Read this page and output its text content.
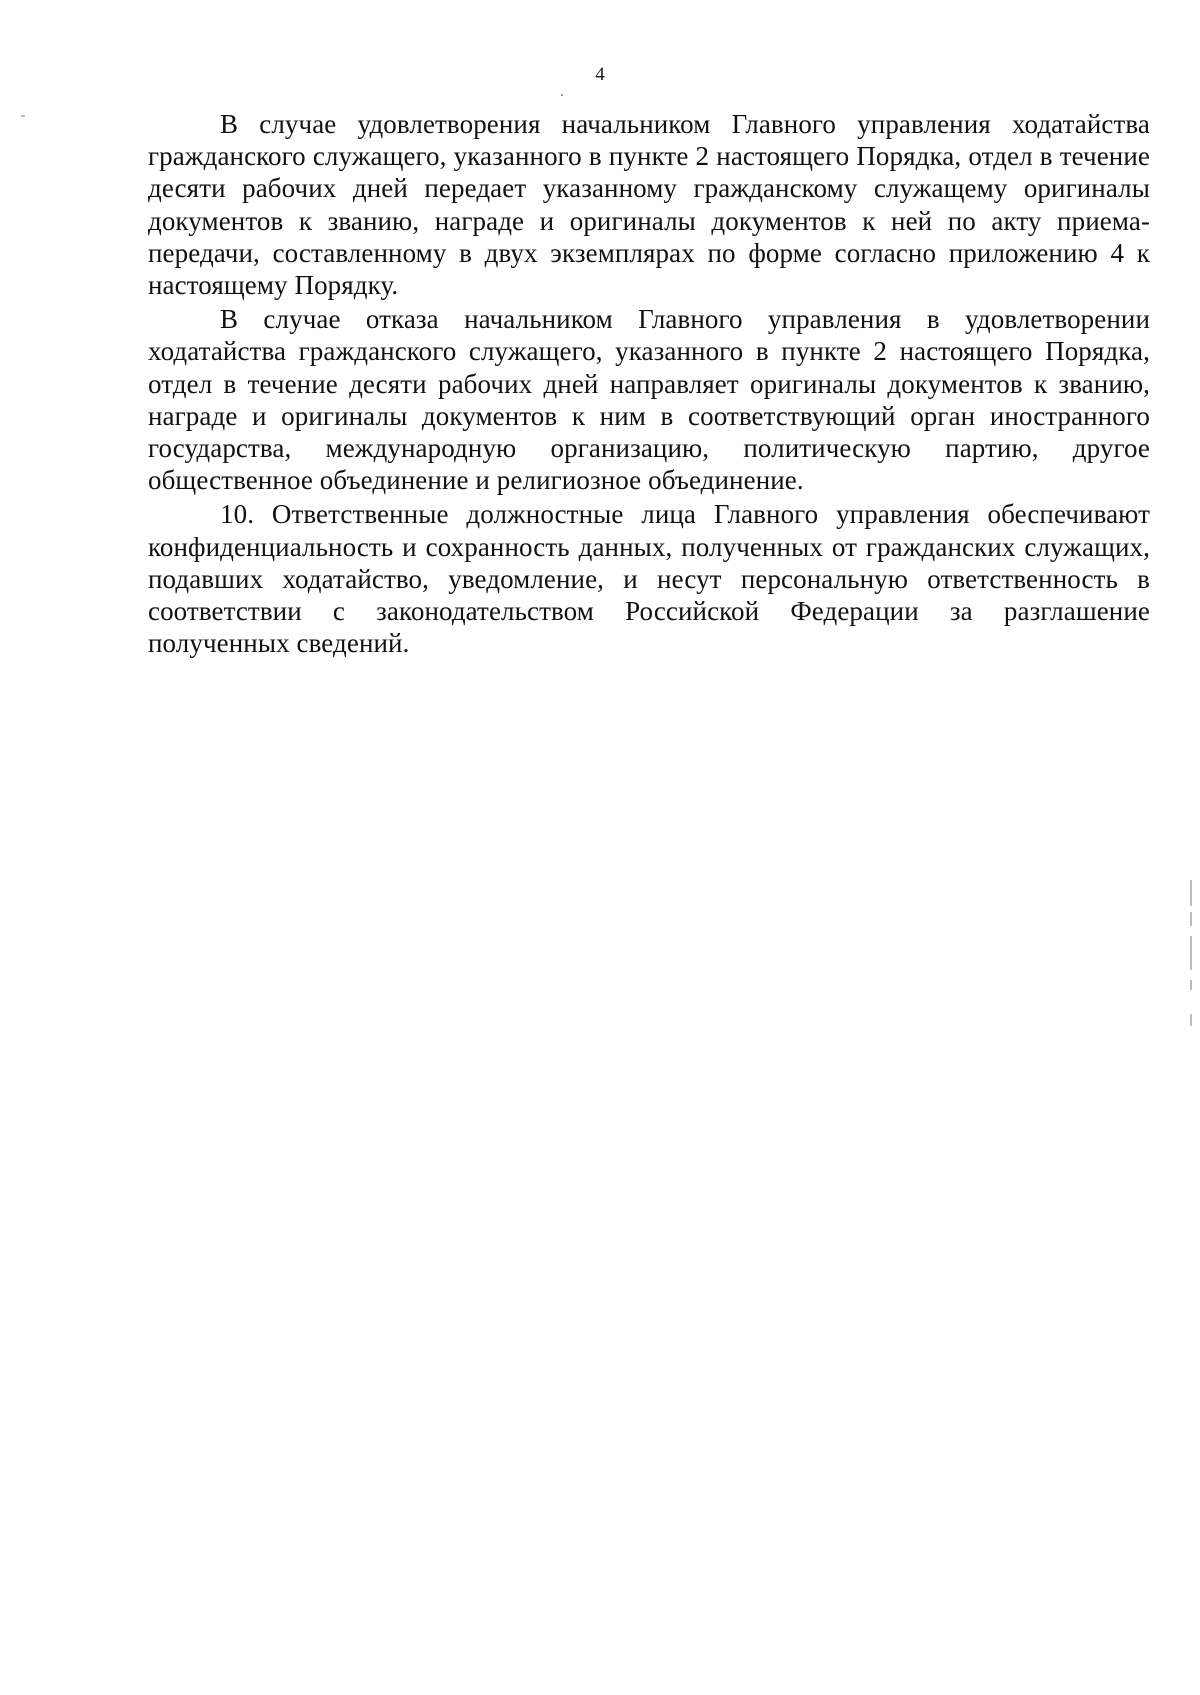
4

В случае удовлетворения начальником Главного управления ходатайства гражданского служащего, указанного в пункте 2 настоящего Порядка, отдел в течение десяти рабочих дней передает указанному гражданскому служащему оригиналы документов к званию, награде и оригиналы документов к ней по акту приема-передачи, составленному в двух экземплярах по форме согласно приложению 4 к настоящему Порядку.

В случае отказа начальником Главного управления в удовлетворении ходатайства гражданского служащего, указанного в пункте 2 настоящего Порядка, отдел в течение десяти рабочих дней направляет оригиналы документов к званию, награде и оригиналы документов к ним в соответствующий орган иностранного государства, международную организацию, политическую партию, другое общественное объединение и религиозное объединение.

10. Ответственные должностные лица Главного управления обеспечивают конфиденциальность и сохранность данных, полученных от гражданских служащих, подавших ходатайство, уведомление, и несут персональную ответственность в соответствии с законодательством Российской Федерации за разглашение полученных сведений.
